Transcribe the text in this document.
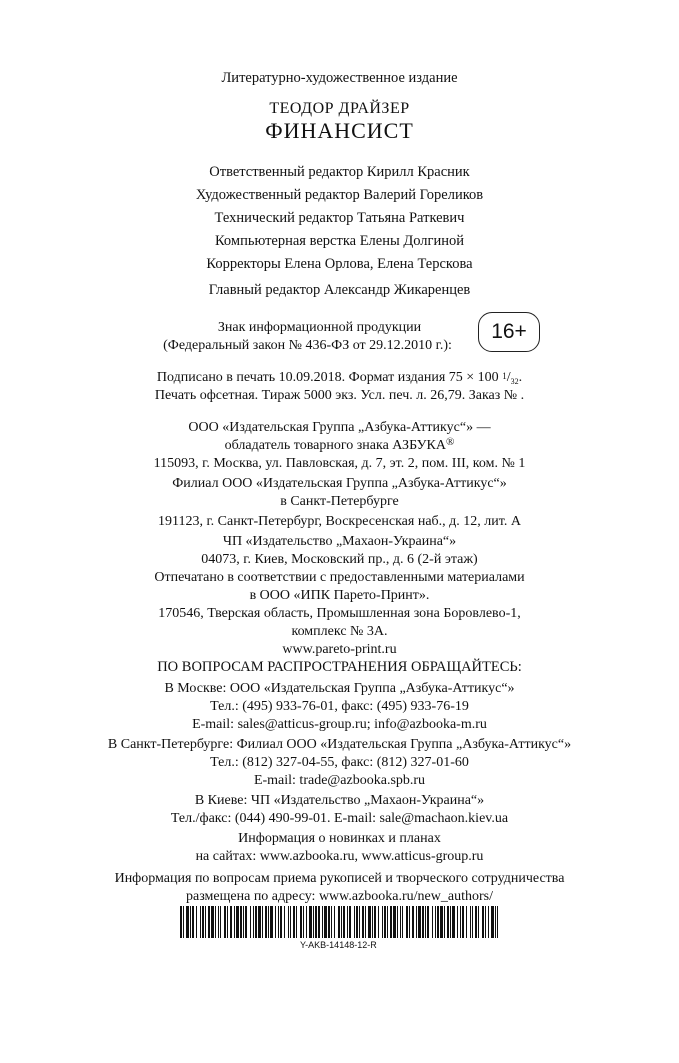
Литературно-художественное издание
ТЕОДОР ДРАЙЗЕР
ФИНАНСИСТ
Ответственный редактор Кирилл Красник
Художественный редактор Валерий Гореликов
Технический редактор Татьяна Раткевич
Компьютерная верстка Елены Долгиной
Корректоры Елена Орлова, Елена Терскова
Главный редактор Александр Жикаренцев
Знак информационной продукции
(Федеральный закон № 436-ФЗ от 29.12.2010 г.):
16+
Подписано в печать 10.09.2018. Формат издания 75 × 100 $^1/_{32}$.
Печать офсетная. Тираж 5000 экз. Усл. печ. л. 26,79. Заказ № .
ООО «Издательская Группа „Азбука-Аттикус“» —
обладатель товарного знака АЗБУКА®
115093, г. Москва, ул. Павловская, д. 7, эт. 2, пом. III, ком. № 1
Филиал ООО «Издательская Группа „Азбука-Аттикус“»
в Санкт-Петербурге
191123, г. Санкт-Петербург, Воскресенская наб., д. 12, лит. А
ЧП «Издательство „Махаон-Украина“»
04073, г. Киев, Московский пр., д. 6 (2-й этаж)
Отпечатано в соответствии с предоставленными материалами
в ООО «ИПК Парето-Принт».
170546, Тверская область, Промышленная зона Боровлево-1,
комплекс № 3А.
www.pareto-print.ru
ПО ВОПРОСАМ РАСПРОСТРАНЕНИЯ ОБРАЩАЙТЕСЬ:
В Москве: ООО «Издательская Группа „Азбука-Аттикус“»
Тел.: (495) 933-76-01, факс: (495) 933-76-19
E-mail: sales@atticus-group.ru; info@azbooka-m.ru
В Санкт-Петербурге: Филиал ООО «Издательская Группа „Азбука-Аттикус“»
Тел.: (812) 327-04-55, факс: (812) 327-01-60
E-mail: trade@azbooka.spb.ru
В Киеве: ЧП «Издательство „Махаон-Украина“»
Тел./факс: (044) 490-99-01. E-mail: sale@machaon.kiev.ua
Информация о новинках и планах
на сайтах: www.azbooka.ru, www.atticus-group.ru
Информация по вопросам приема рукописей и творческого сотрудничества
размещена по адресу: www.azbooka.ru/new_authors/
Y-AKB-14148-12-R
